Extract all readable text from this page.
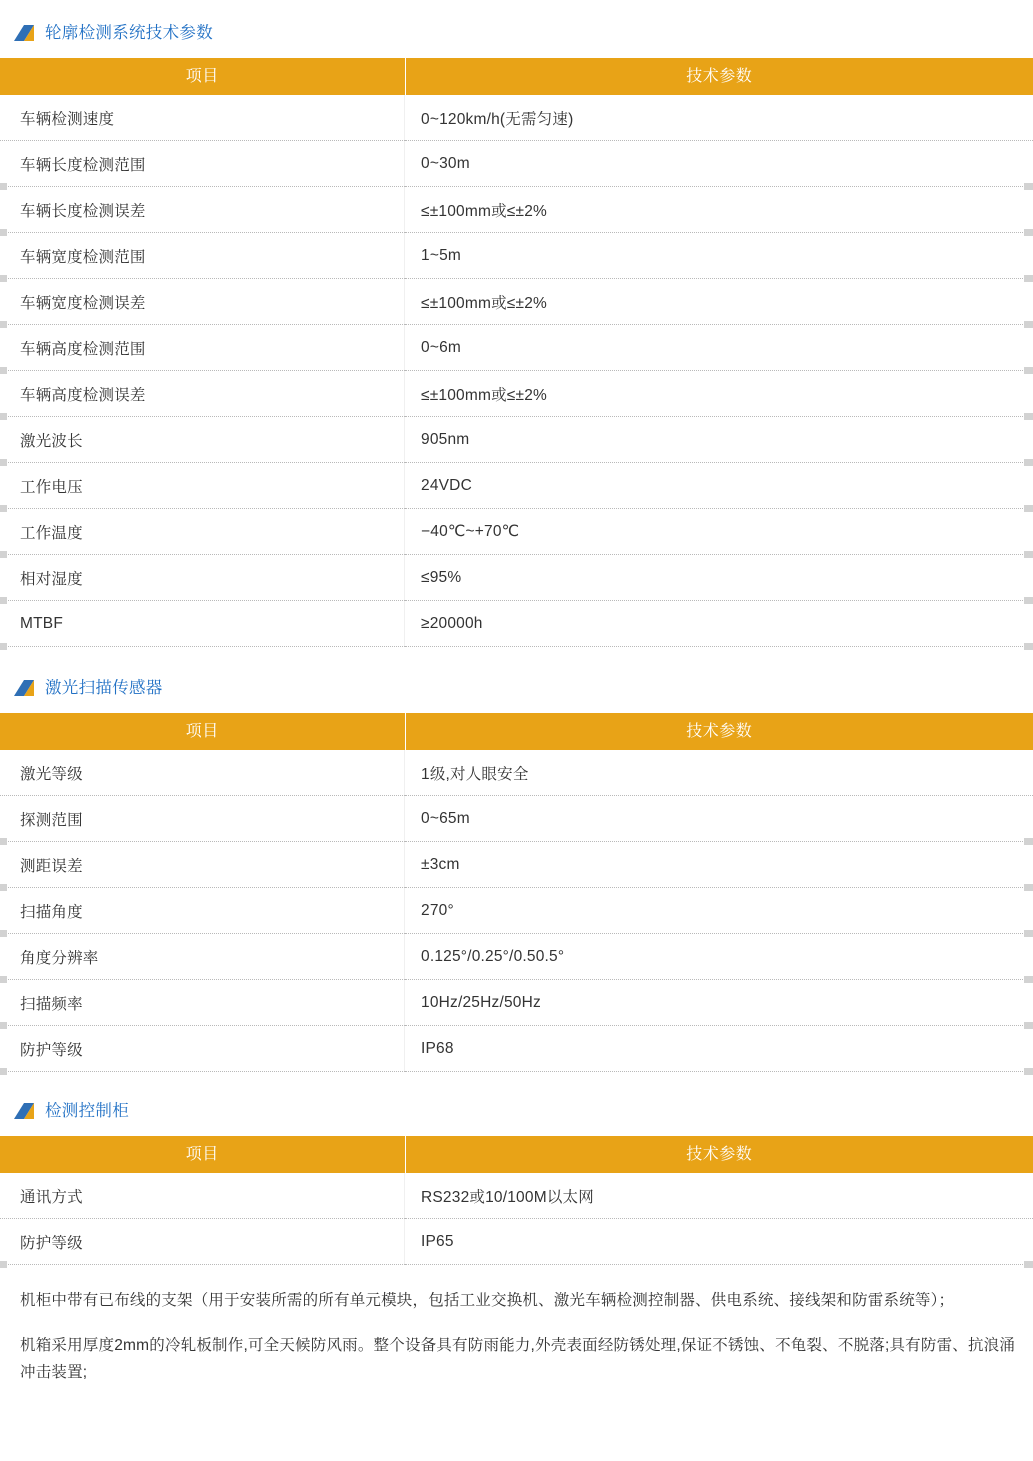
轮廓检测系统技术参数
项目	技术参数
车辆检测速度	0~120km/h(无需匀速)
车辆长度检测范围	0~30m
车辆长度检测误差	≤±100mm或≤±2%
车辆宽度检测范围	1~5m
车辆宽度检测误差	≤±100mm或≤±2%
车辆高度检测范围	0~6m
车辆高度检测误差	≤±100mm或≤±2%
激光波长	905nm
工作电压	24VDC
工作温度	−40℃~+70℃
相对湿度	≤95%
MTBF	≥20000h
激光扫描传感器
项目	技术参数
激光等级	1级,对人眼安全
探测范围	0~65m
测距误差	±3cm
扫描角度	270°
角度分辨率	0.125°/0.25°/0.50.5°
扫描频率	10Hz/25Hz/50Hz
防护等级	IP68
检测控制柜
项目	技术参数
通讯方式	RS232或10/100M以太网
防护等级	IP65
机柜中带有已布线的支架（用于安装所需的所有单元模块，包括工业交换机、激光车辆检测控制器、供电系统、接线架和防雷系统等）；
机箱采用厚度2mm的冷轧板制作,可全天候防风雨。整个设备具有防雨能力,外壳表面经防锈处理,保证不锈蚀、不龟裂、不脱落;具有防雷、抗浪涌冲击装置;
